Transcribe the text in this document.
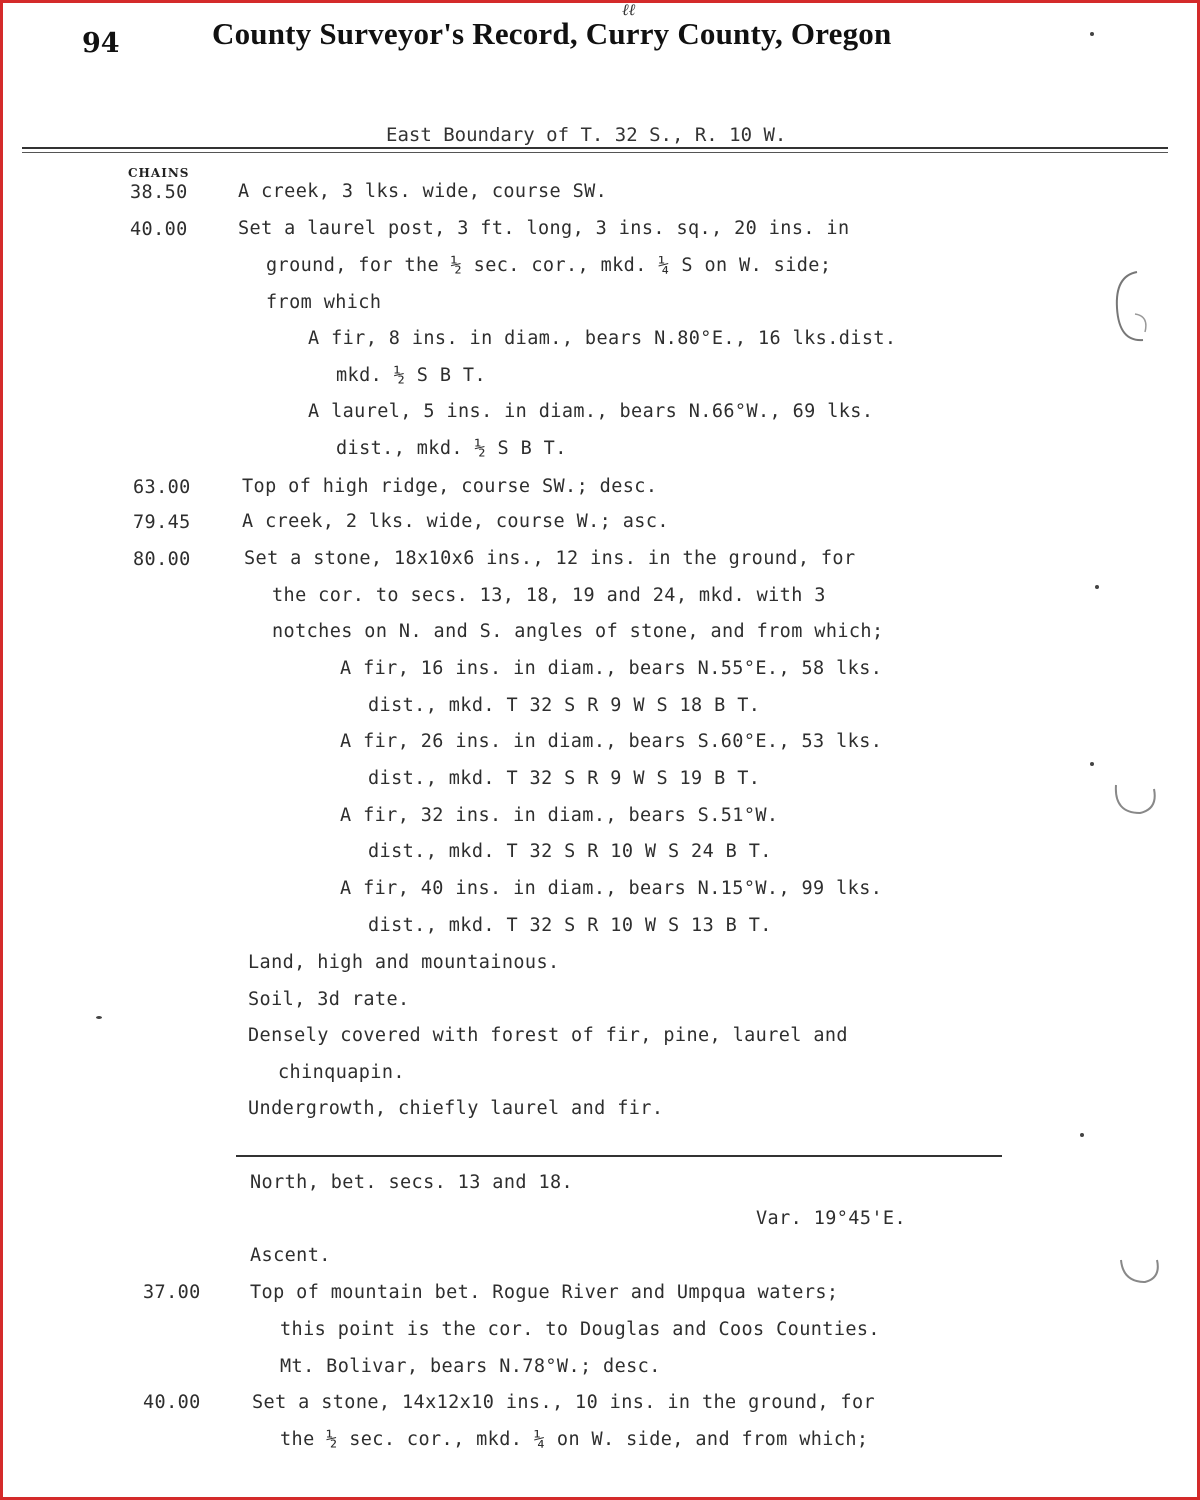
94	County Surveyor's Record, Curry County, Oregon
ℓℓ
East Boundary of T. 32 S., R. 10 W.
CHAINS
38.50
40.00
63.00
79.45
80.00
37.00
40.00
A creek, 3 lks. wide, course SW.
Set a laurel post, 3 ft. long, 3 ins. sq., 20 ins. in
ground, for the ½ sec. cor., mkd. ¼ S on W. side;
from which
A fir, 8 ins. in diam., bears N.80°E., 16 lks.dist.
mkd. ½ S B T.
A laurel, 5 ins. in diam., bears N.66°W., 69 lks.
dist., mkd. ½ S B T.
Top of high ridge, course SW.; desc.
A creek, 2 lks. wide, course W.; asc.
Set a stone, 18x10x6 ins., 12 ins. in the ground, for
the cor. to secs. 13, 18, 19 and 24, mkd. with 3
notches on N. and S. angles of stone, and from which;
A fir, 16 ins. in diam., bears N.55°E., 58 lks.
dist., mkd. T 32 S R 9 W S 18 B T.
A fir, 26 ins. in diam., bears S.60°E., 53 lks.
dist., mkd. T 32 S R 9 W S 19 B T.
A fir, 32 ins. in diam., bears S.51°W.
dist., mkd. T 32 S R 10 W S 24 B T.
A fir, 40 ins. in diam., bears N.15°W., 99 lks.
dist., mkd. T 32 S R 10 W S 13 B T.
Land, high and mountainous.
Soil, 3d rate.
Densely covered with forest of fir, pine, laurel and
chinquapin.
Undergrowth, chiefly laurel and fir.
North, bet. secs. 13 and 18.
Var. 19°45'E.
Ascent.
Top of mountain bet. Rogue River and Umpqua waters;
this point is the cor. to Douglas and Coos Counties.
Mt. Bolivar, bears N.78°W.; desc.
Set a stone, 14x12x10 ins., 10 ins. in the ground, for
the ½ sec. cor., mkd. ¼ on W. side, and from which;
